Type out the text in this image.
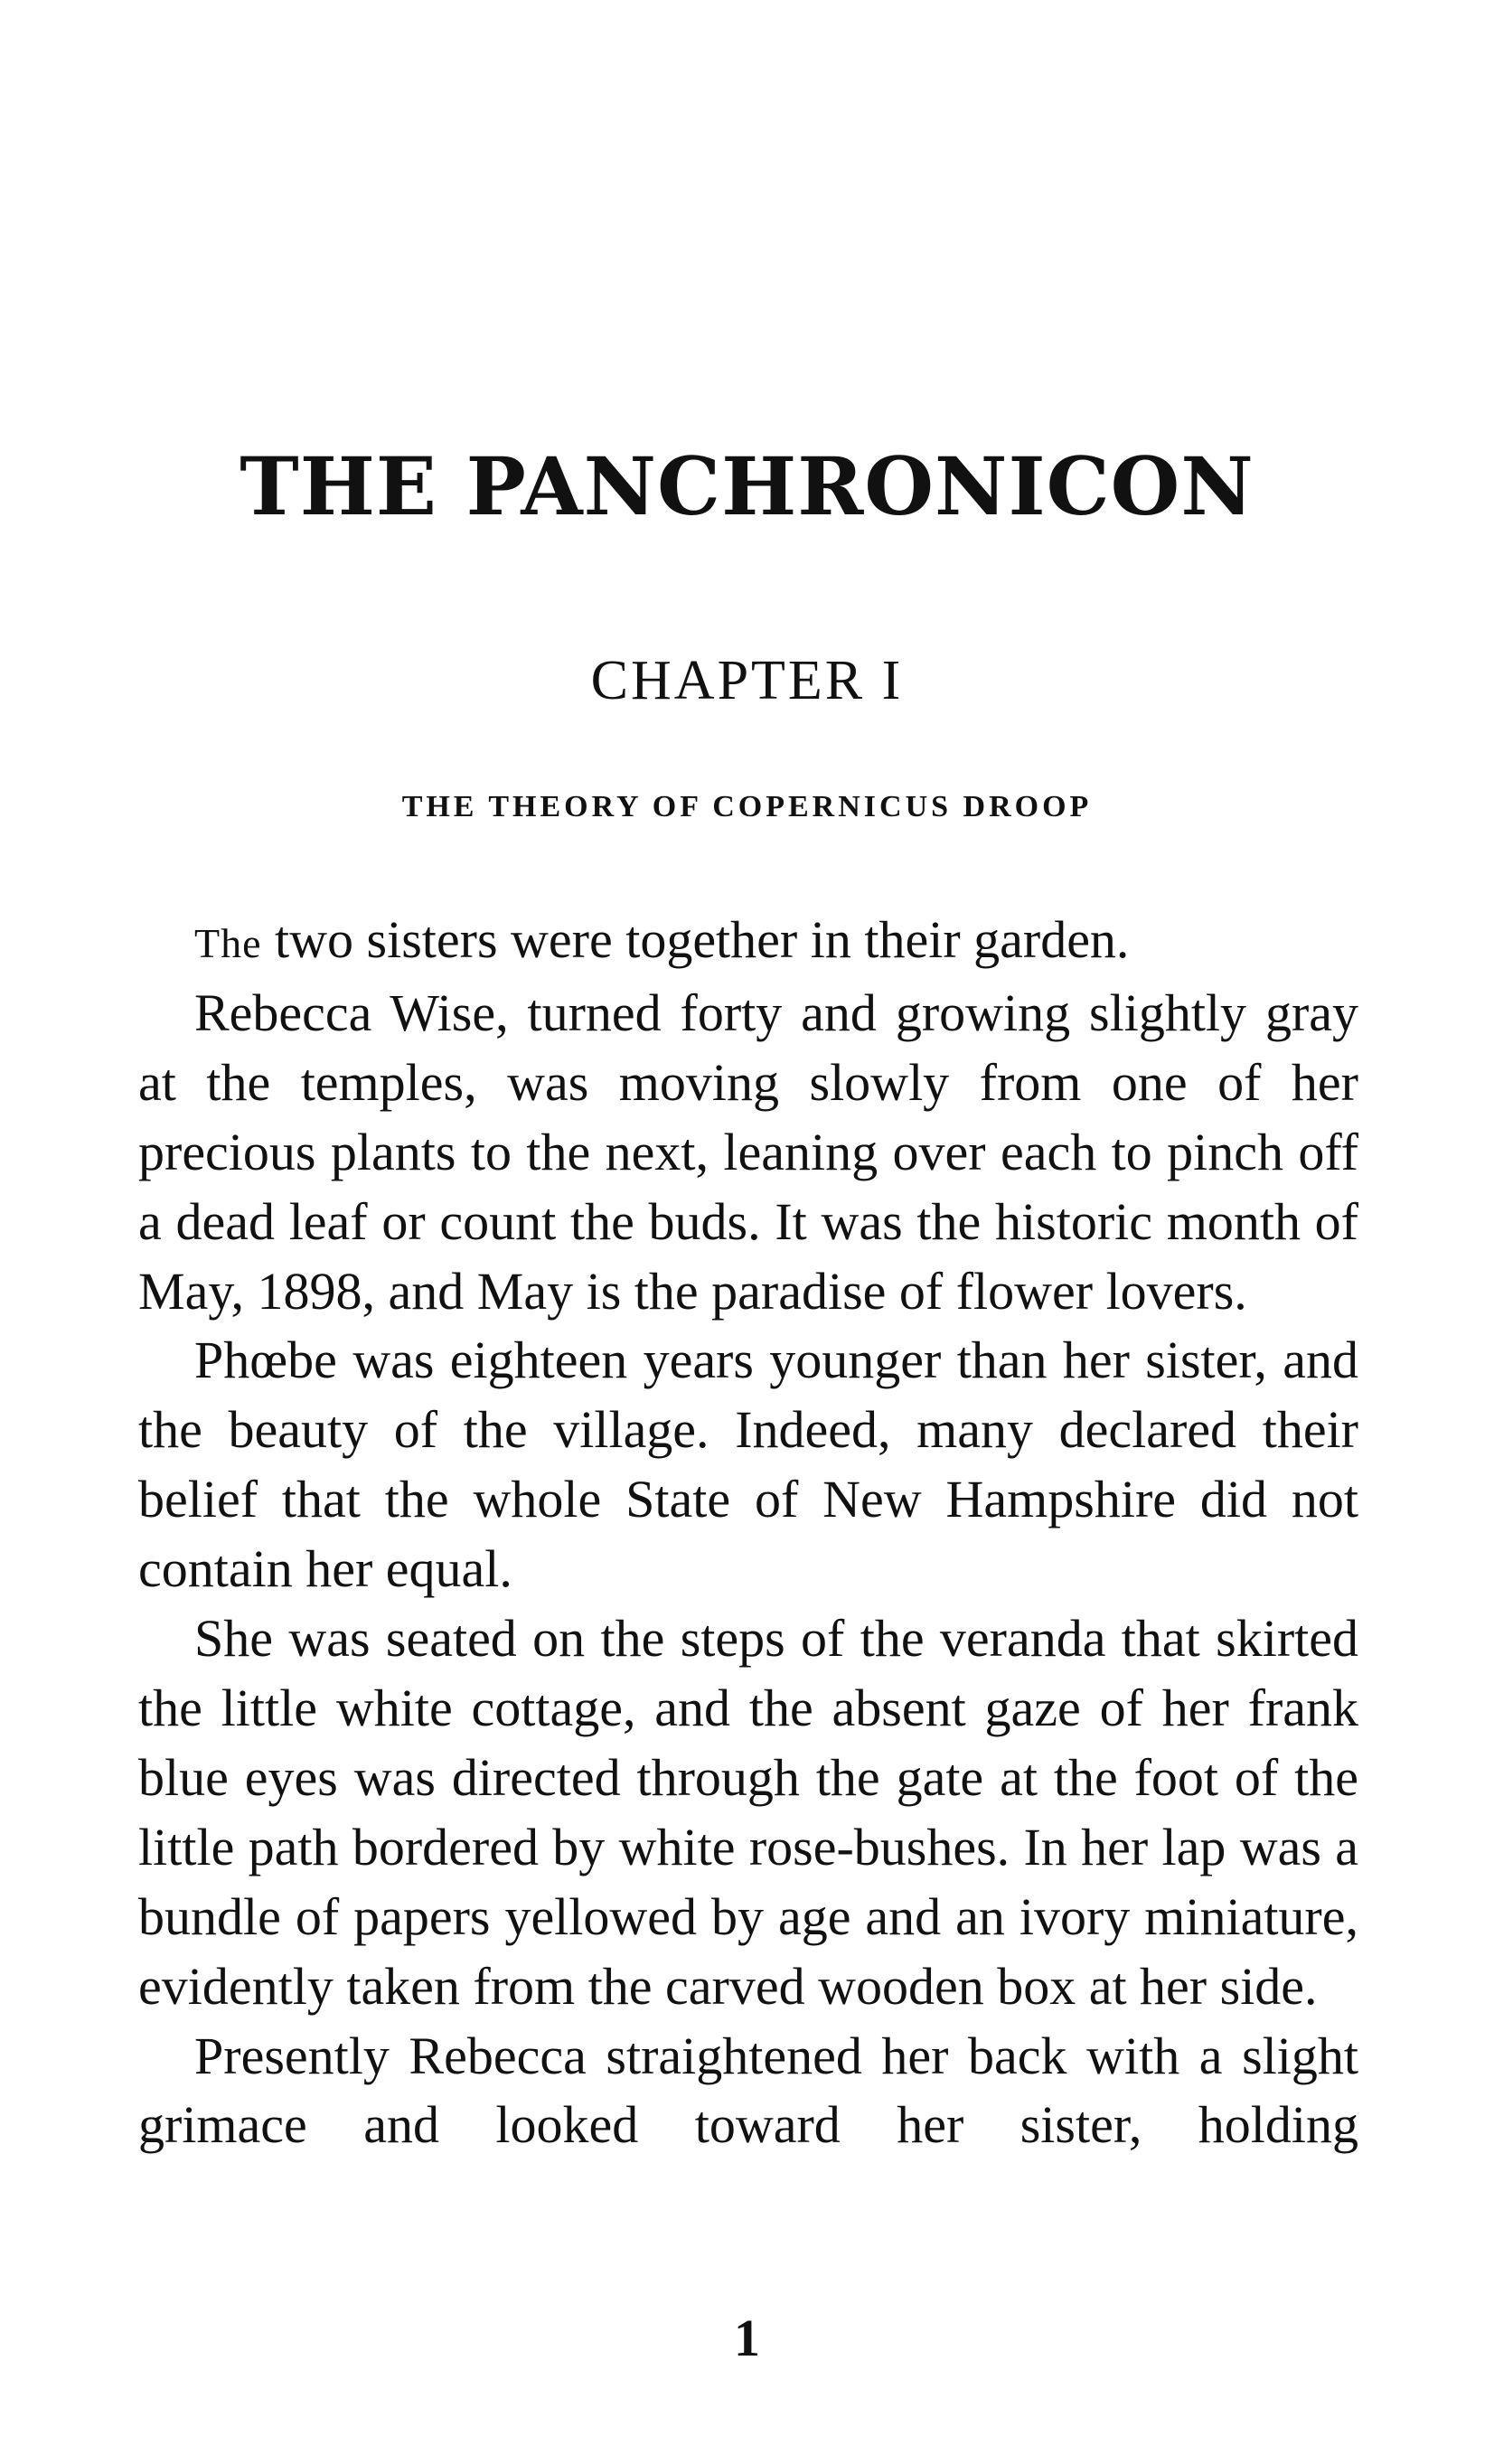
THE PANCHRONICON
CHAPTER I
THE THEORY OF COPERNICUS DROOP

The two sisters were together in their garden.

Rebecca Wise, turned forty and growing slightly gray at the temples, was moving slowly from one of her precious plants to the next, leaning over each to pinch off a dead leaf or count the buds. It was the historic month of May, 1898, and May is the paradise of flower lovers.

Phœbe was eighteen years younger than her sister, and the beauty of the village. Indeed, many declared their belief that the whole State of New Hampshire did not contain her equal.

She was seated on the steps of the veranda that skirted the little white cottage, and the absent gaze of her frank blue eyes was directed through the gate at the foot of the little path bordered by white rose-bushes. In her lap was a bundle of papers yellowed by age and an ivory miniature, evidently taken from the carved wooden box at her side.

Presently Rebecca straightened her back with a slight grimace and looked toward her sister, holding

1
